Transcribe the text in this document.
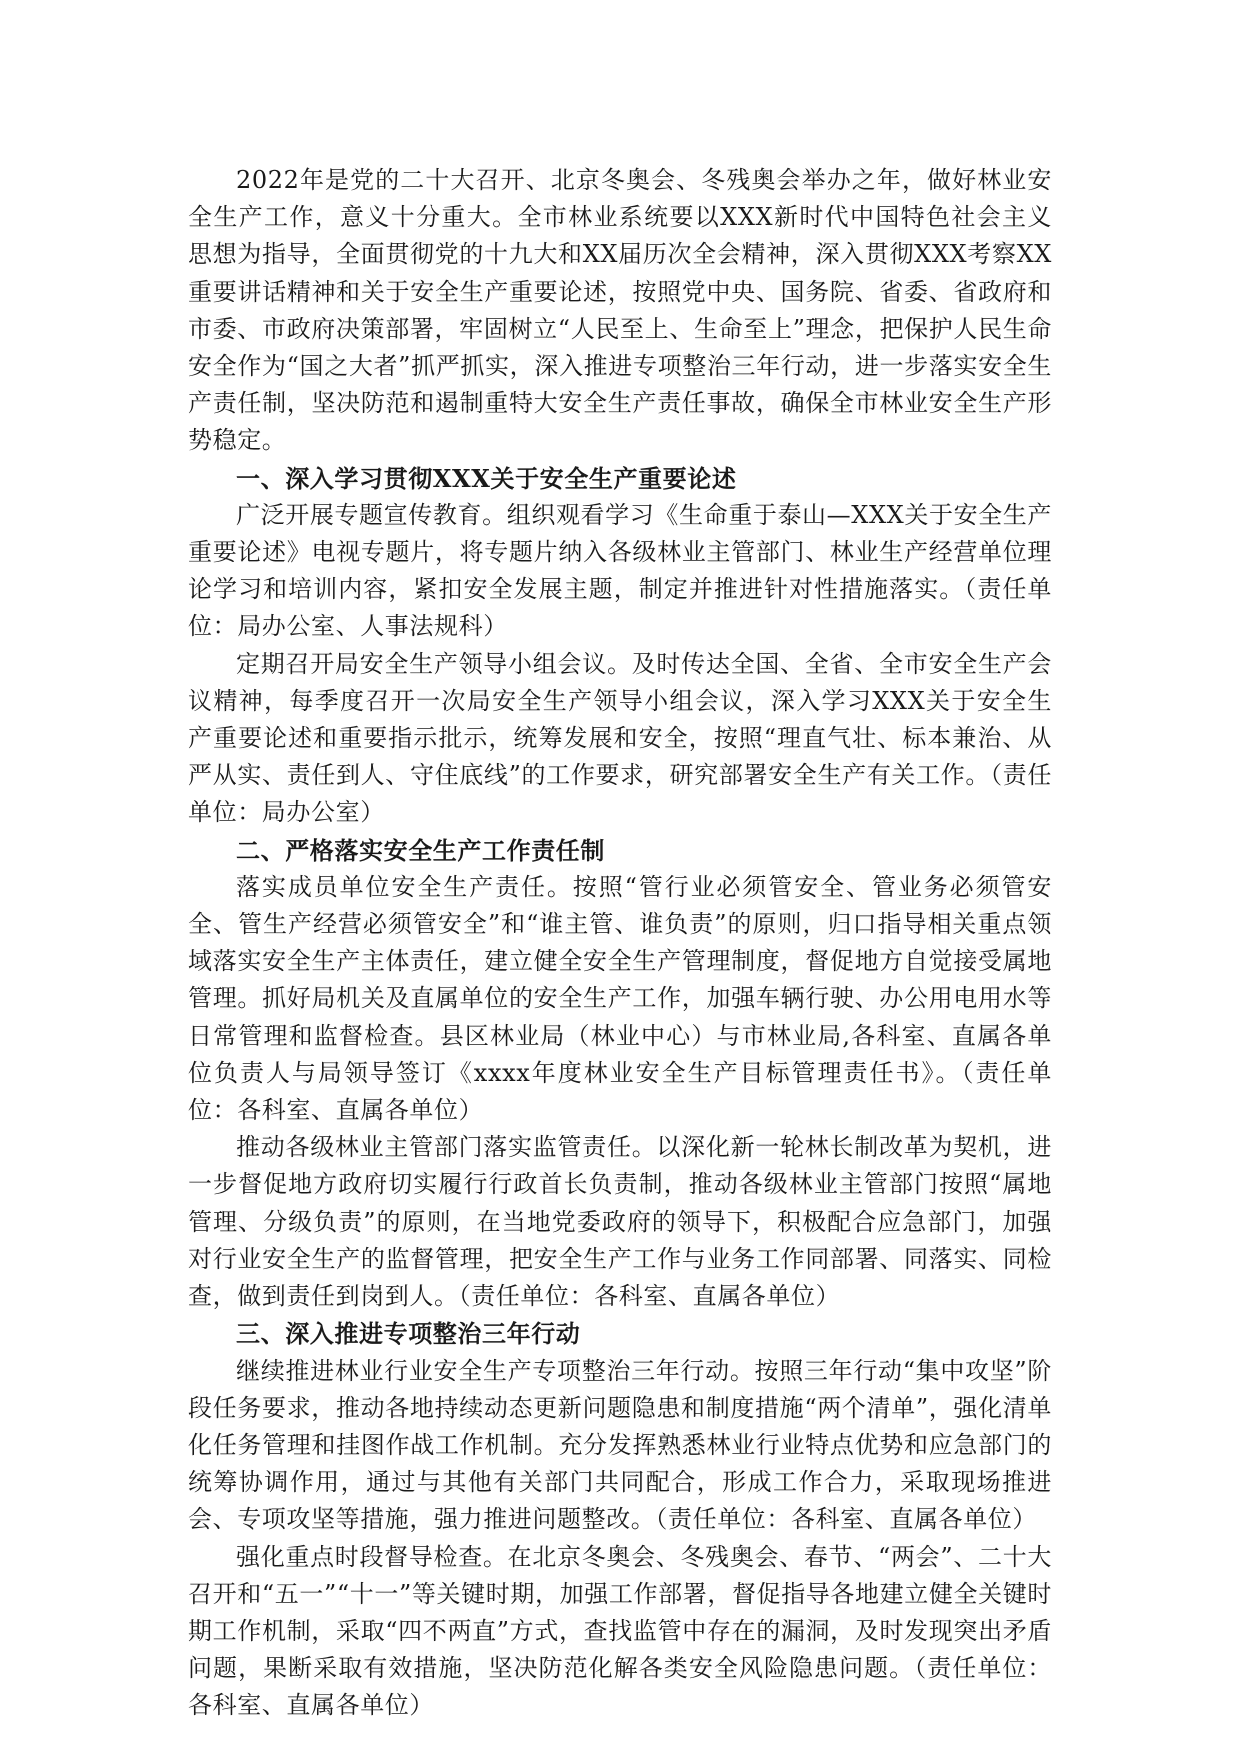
2022年是党的二十大召开、北京冬奥会、冬残奥会举办之年，做好林业安全生产工作，意义十分重大。全市林业系统要以XXX新时代中国特色社会主义思想为指导，全面贯彻党的十九大和XX届历次全会精神，深入贯彻XXX考察XX重要讲话精神和关于安全生产重要论述，按照党中央、国务院、省委、省政府和市委、市政府决策部署，牢固树立“人民至上、生命至上”理念，把保护人民生命安全作为“国之大者”抓严抓实，深入推进专项整治三年行动，进一步落实安全生产责任制，坚决防范和遏制重特大安全生产责任事故，确保全市林业安全生产形势稳定。

一、深入学习贯彻XXX关于安全生产重要论述

广泛开展专题宣传教育。组织观看学习《生命重于泰山—XXX关于安全生产重要论述》电视专题片，将专题片纳入各级林业主管部门、林业生产经营单位理论学习和培训内容，紧扣安全发展主题，制定并推进针对性措施落实。（责任单位：局办公室、人事法规科）

定期召开局安全生产领导小组会议。及时传达全国、全省、全市安全生产会议精神，每季度召开一次局安全生产领导小组会议，深入学习XXX关于安全生产重要论述和重要指示批示，统筹发展和安全，按照“理直气壮、标本兼治、从严从实、责任到人、守住底线”的工作要求，研究部署安全生产有关工作。（责任单位：局办公室）

二、严格落实安全生产工作责任制

落实成员单位安全生产责任。按照“管行业必须管安全、管业务必须管安全、管生产经营必须管安全”和“谁主管、谁负责”的原则，归口指导相关重点领域落实安全生产主体责任，建立健全安全生产管理制度，督促地方自觉接受属地管理。抓好局机关及直属单位的安全生产工作，加强车辆行驶、办公用电用水等日常管理和监督检查。县区林业局（林业中心）与市林业局,各科室、直属各单位负责人与局领导签订《xxxx年度林业安全生产目标管理责任书》。（责任单位：各科室、直属各单位）

推动各级林业主管部门落实监管责任。以深化新一轮林长制改革为契机，进一步督促地方政府切实履行行政首长负责制，推动各级林业主管部门按照“属地管理、分级负责”的原则，在当地党委政府的领导下，积极配合应急部门，加强对行业安全生产的监督管理，把安全生产工作与业务工作同部署、同落实、同检查，做到责任到岗到人。（责任单位：各科室、直属各单位）

三、深入推进专项整治三年行动

继续推进林业行业安全生产专项整治三年行动。按照三年行动“集中攻坚”阶段任务要求，推动各地持续动态更新问题隐患和制度措施“两个清单”，强化清单化任务管理和挂图作战工作机制。充分发挥熟悉林业行业特点优势和应急部门的统筹协调作用，通过与其他有关部门共同配合，形成工作合力，采取现场推进会、专项攻坚等措施，强力推进问题整改。（责任单位：各科室、直属各单位）

强化重点时段督导检查。在北京冬奥会、冬残奥会、春节、“两会”、二十大召开和“五一”“十一”等关键时期，加强工作部署，督促指导各地建立健全关键时期工作机制，采取“四不两直”方式，查找监管中存在的漏洞，及时发现突出矛盾问题，果断采取有效措施，坚决防范化解各类安全风险隐患问题。（责任单位：各科室、直属各单位）
